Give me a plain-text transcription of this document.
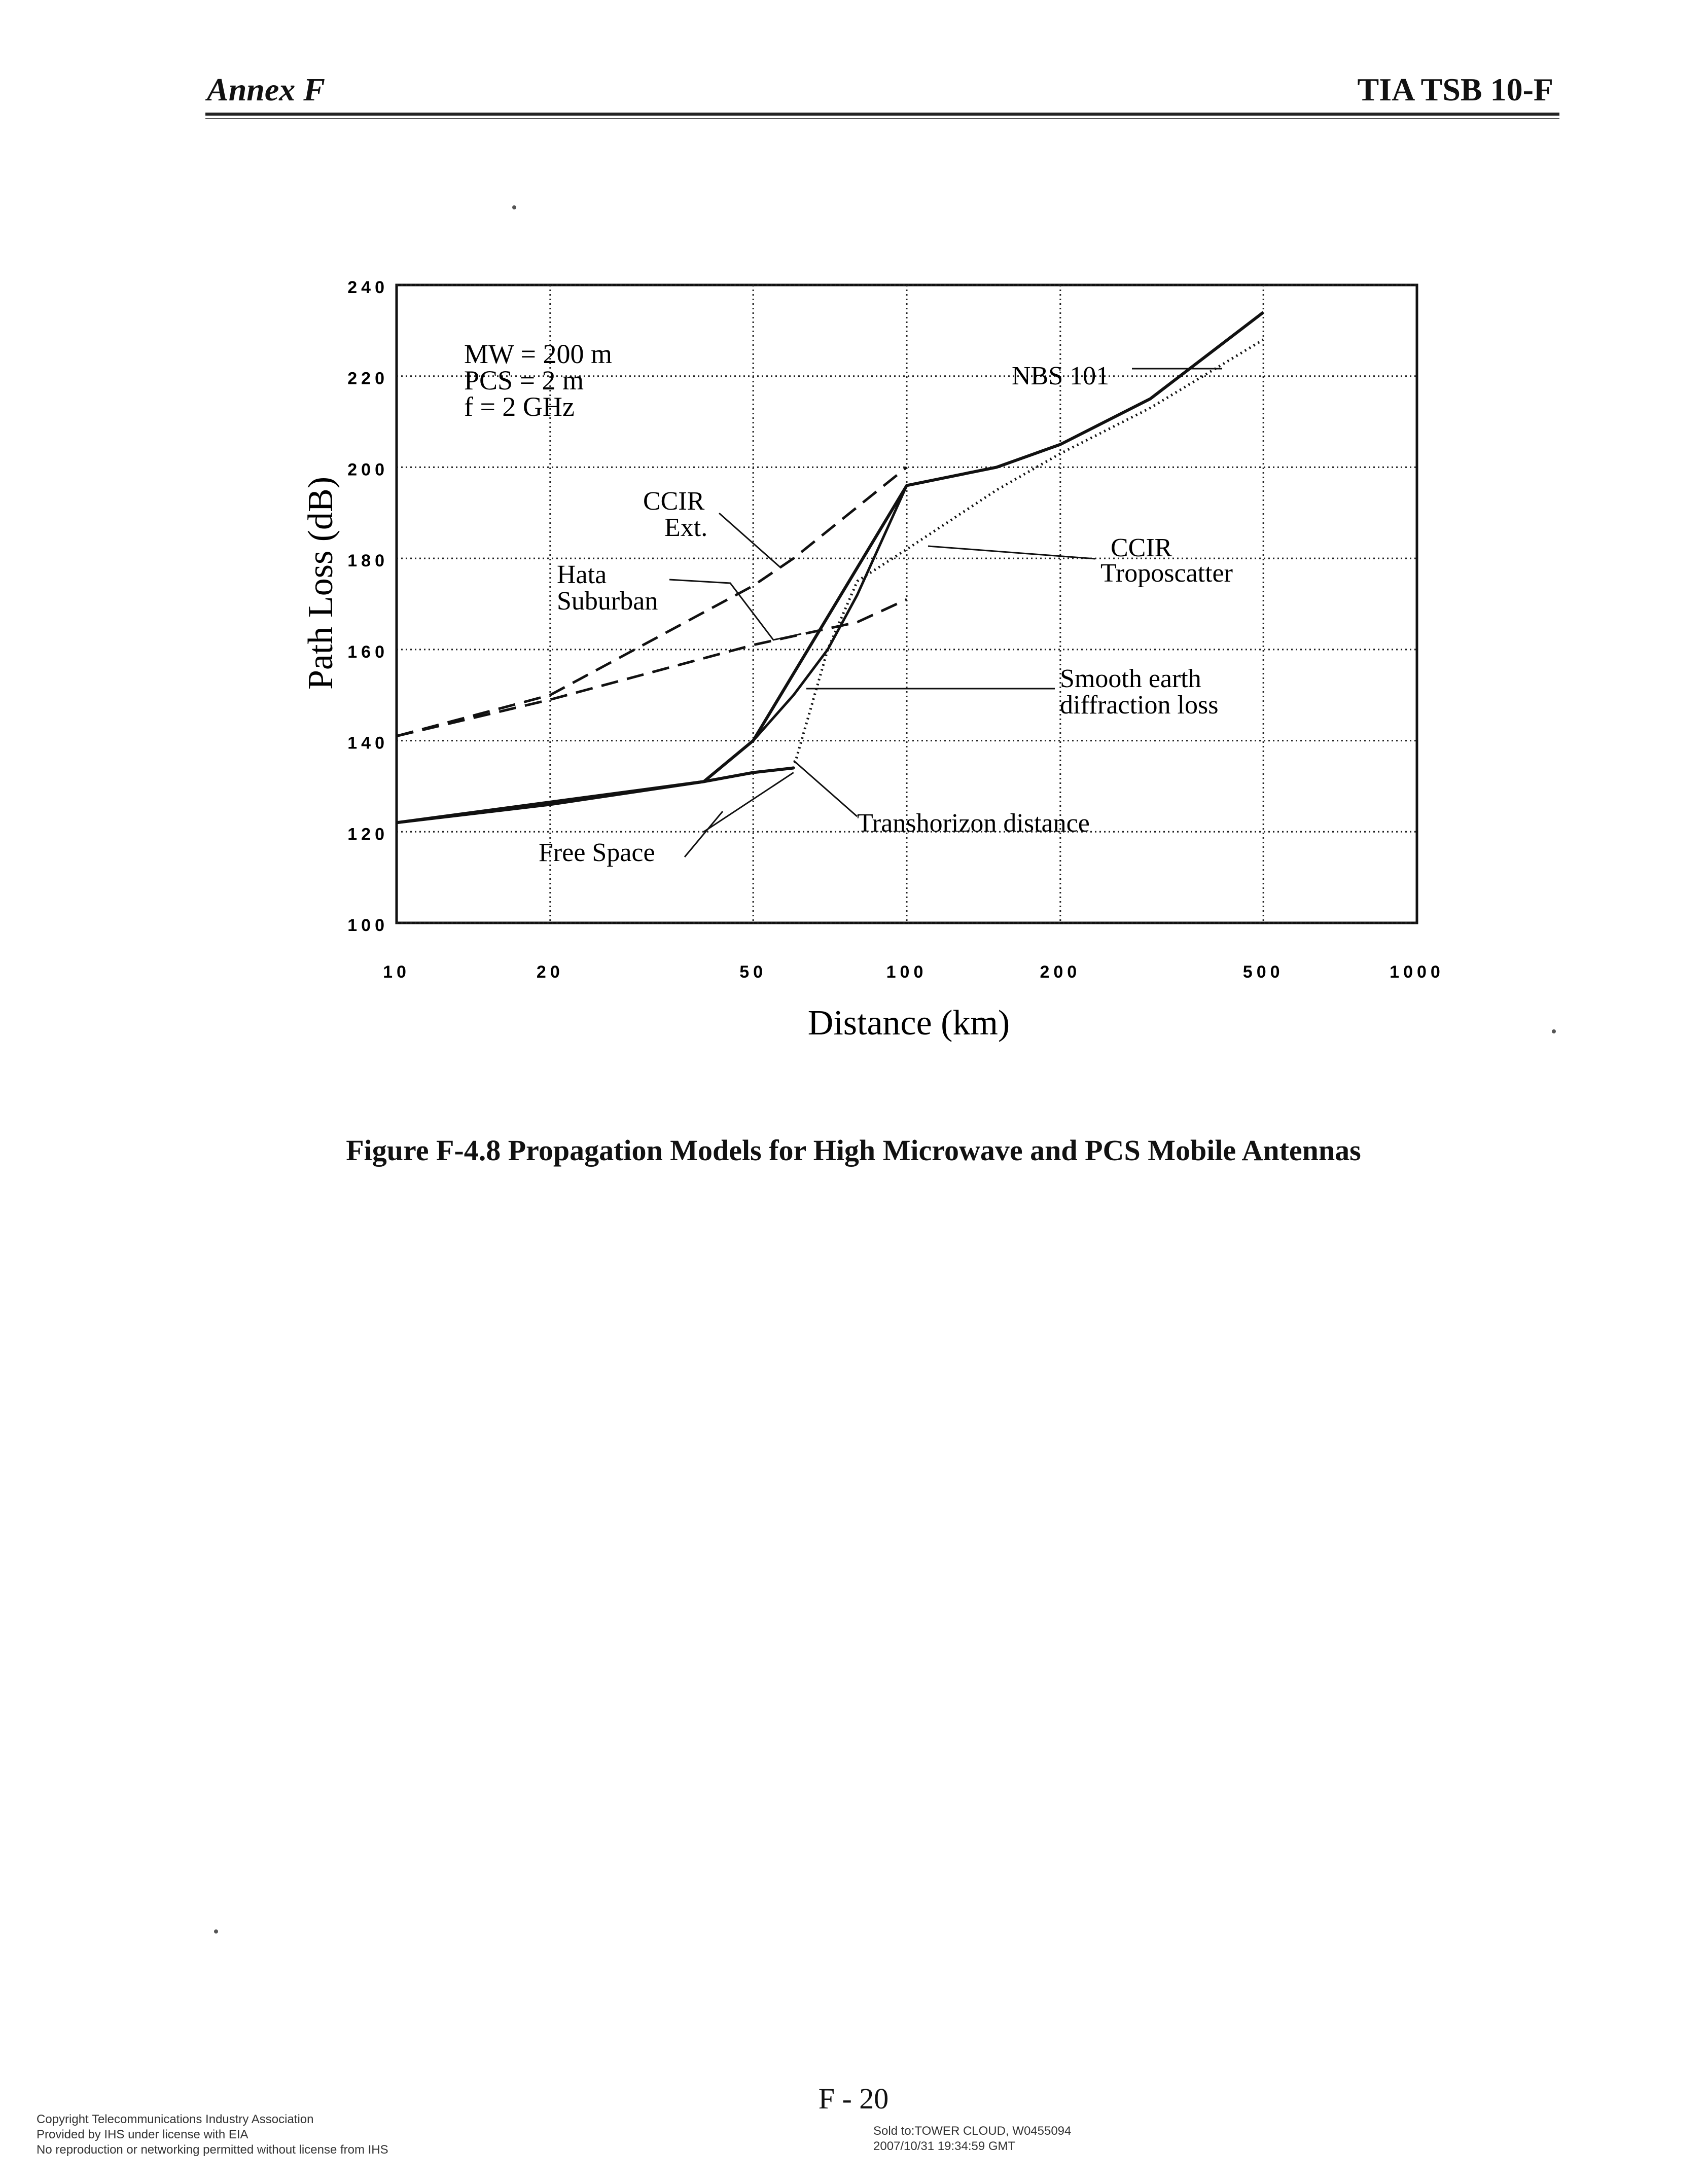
Annex F	TIA TSB 10-F
100
120
140
160
180
200
220
240
10	20	50	100	200	500	1000
NBS 101
CCIR
Ext.
CCIR
Troposcatter
Hata
Suburban
Smooth earth
diffraction loss
Transhorizon distance
Free Space
Distance (km)
Path Loss (dB)
MW = 200 m
PCS = 2 m
f = 2 GHz
Figure F-4.8 Propagation Models for High Microwave and PCS Mobile Antennas
F - 20
Copyright Telecommunications Industry Association
Provided by IHS under license with EIA
No reproduction or networking permitted without license from IHS
Sold to:TOWER CLOUD, W0455094
2007/10/31 19:34:59 GMT
